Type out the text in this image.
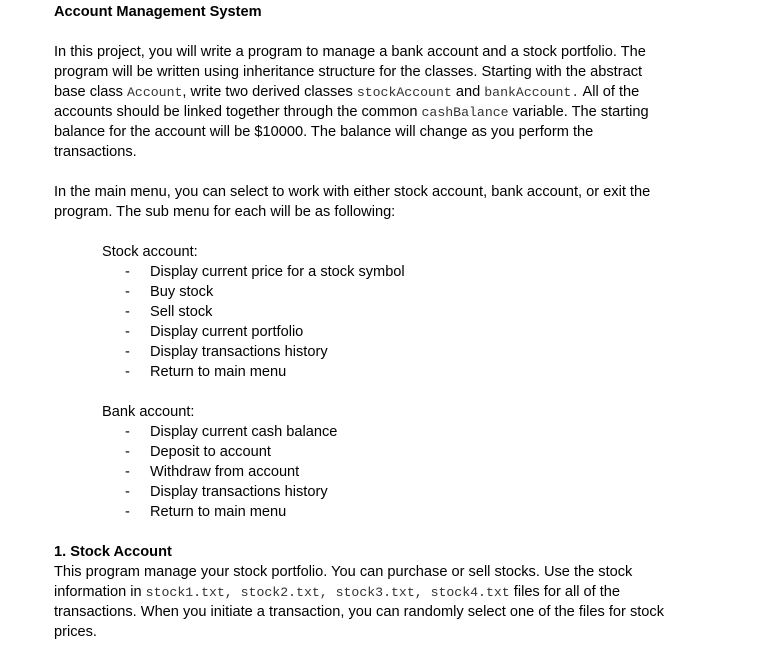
Account Management System
In this project, you will write a program to manage a bank account and a stock portfolio. The
program will be written using inheritance structure for the classes. Starting with the abstract
base class Account, write two derived classes stockAccount and bankAccount. All of the
accounts should be linked together through the common cashBalance variable. The starting
balance for the account will be $10000. The balance will change as you perform the
transactions.
In the main menu, you can select to work with either stock account, bank account, or exit the
program. The sub menu for each will be as following:
Stock account:
- Display current price for a stock symbol
- Buy stock
- Sell stock
- Display current portfolio
- Display transactions history
- Return to main menu
Bank account:
- Display current cash balance
- Deposit to account
- Withdraw from account
- Display transactions history
- Return to main menu
1. Stock Account
This program manage your stock portfolio. You can purchase or sell stocks. Use the stock
information in stock1.txt, stock2.txt, stock3.txt, stock4.txt files for all of the
transactions. When you initiate a transaction, you can randomly select one of the files for stock
prices.
